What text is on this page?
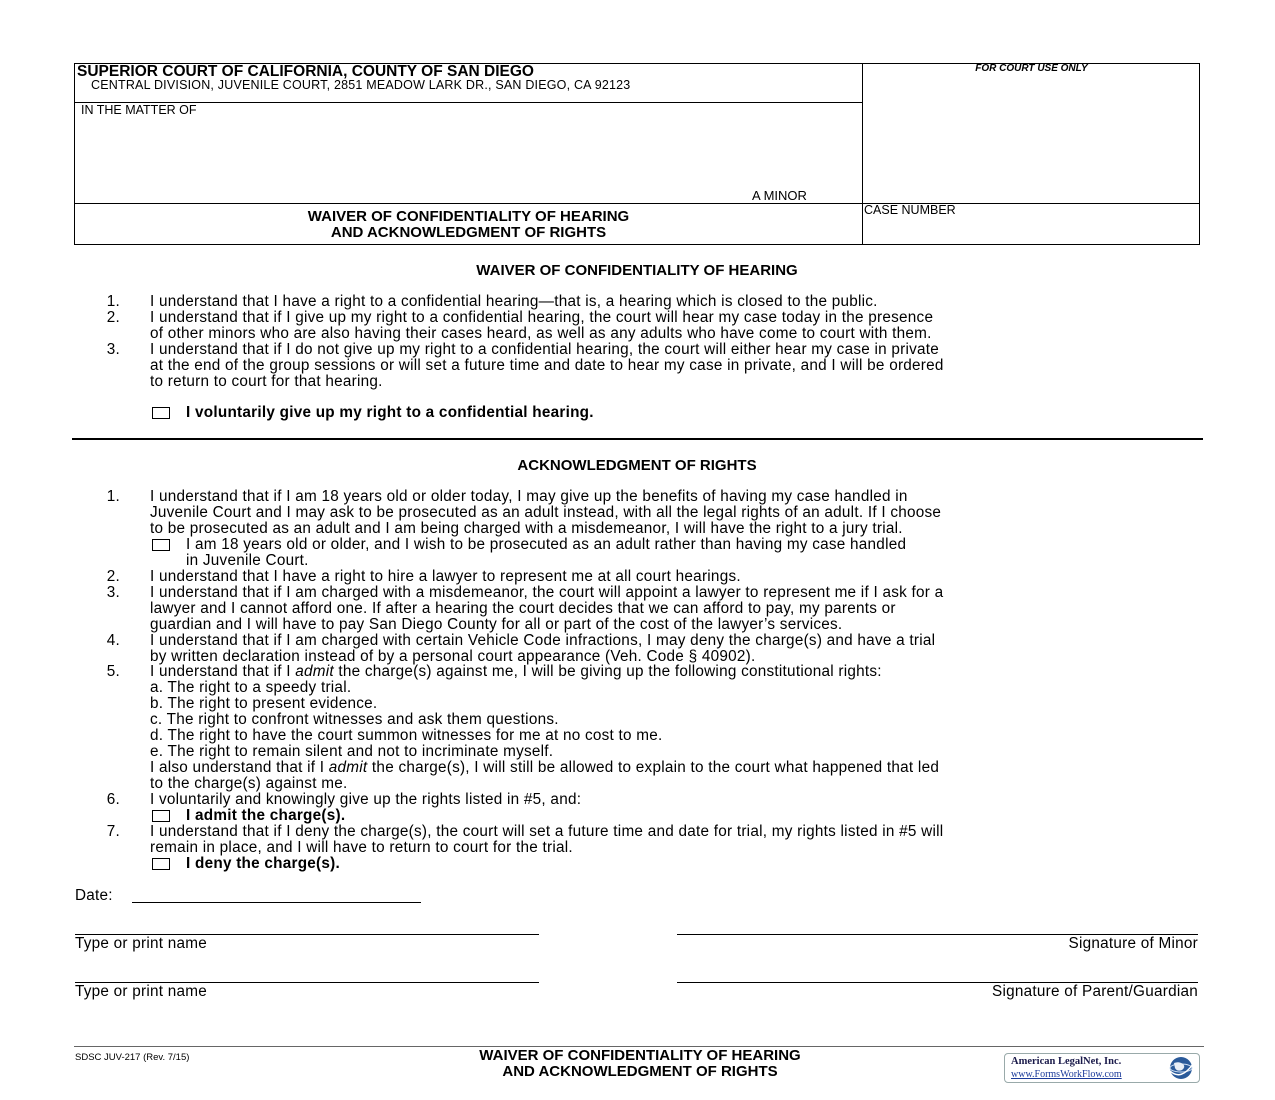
SUPERIOR COURT OF CALIFORNIA, COUNTY OF SAN DIEGO
CENTRAL DIVISION, JUVENILE COURT, 2851 MEADOW LARK DR., SAN DIEGO, CA 92123
FOR COURT USE ONLY
IN THE MATTER OF
A MINOR
WAIVER OF CONFIDENTIALITY OF HEARING
AND ACKNOWLEDGMENT OF RIGHTS
CASE NUMBER
WAIVER OF CONFIDENTIALITY OF HEARING
1. I understand that I have a right to a confidential hearing—that is, a hearing which is closed to the public.
2. I understand that if I give up my right to a confidential hearing, the court will hear my case today in the presence
of other minors who are also having their cases heard, as well as any adults who have come to court with them.
3. I understand that if I do not give up my right to a confidential hearing, the court will either hear my case in private
at the end of the group sessions or will set a future time and date to hear my case in private, and I will be ordered
to return to court for that hearing.
I voluntarily give up my right to a confidential hearing.
ACKNOWLEDGMENT OF RIGHTS
1. I understand that if I am 18 years old or older today, I may give up the benefits of having my case handled in
Juvenile Court and I may ask to be prosecuted as an adult instead, with all the legal rights of an adult. If I choose
to be prosecuted as an adult and I am being charged with a misdemeanor, I will have the right to a jury trial.
I am 18 years old or older, and I wish to be prosecuted as an adult rather than having my case handled
in Juvenile Court.
2. I understand that I have a right to hire a lawyer to represent me at all court hearings.
3. I understand that if I am charged with a misdemeanor, the court will appoint a lawyer to represent me if I ask for a
lawyer and I cannot afford one. If after a hearing the court decides that we can afford to pay, my parents or
guardian and I will have to pay San Diego County for all or part of the cost of the lawyer’s services.
4. I understand that if I am charged with certain Vehicle Code infractions, I may deny the charge(s) and have a trial
by written declaration instead of by a personal court appearance (Veh. Code § 40902).
5. I understand that if I admit the charge(s) against me, I will be giving up the following constitutional rights:
a. The right to a speedy trial.
b. The right to present evidence.
c. The right to confront witnesses and ask them questions.
d. The right to have the court summon witnesses for me at no cost to me.
e. The right to remain silent and not to incriminate myself.
I also understand that if I admit the charge(s), I will still be allowed to explain to the court what happened that led
to the charge(s) against me.
6. I voluntarily and knowingly give up the rights listed in #5, and:
I admit the charge(s).
7. I understand that if I deny the charge(s), the court will set a future time and date for trial, my rights listed in #5 will
remain in place, and I will have to return to court for the trial.
I deny the charge(s).
Date:
Type or print name	Signature of Minor
Type or print name	Signature of Parent/Guardian
SDSC JUV-217 (Rev. 7/15)	WAIVER OF CONFIDENTIALITY OF HEARING
AND ACKNOWLEDGMENT OF RIGHTS
American LegalNet, Inc.
www.FormsWorkFlow.com
